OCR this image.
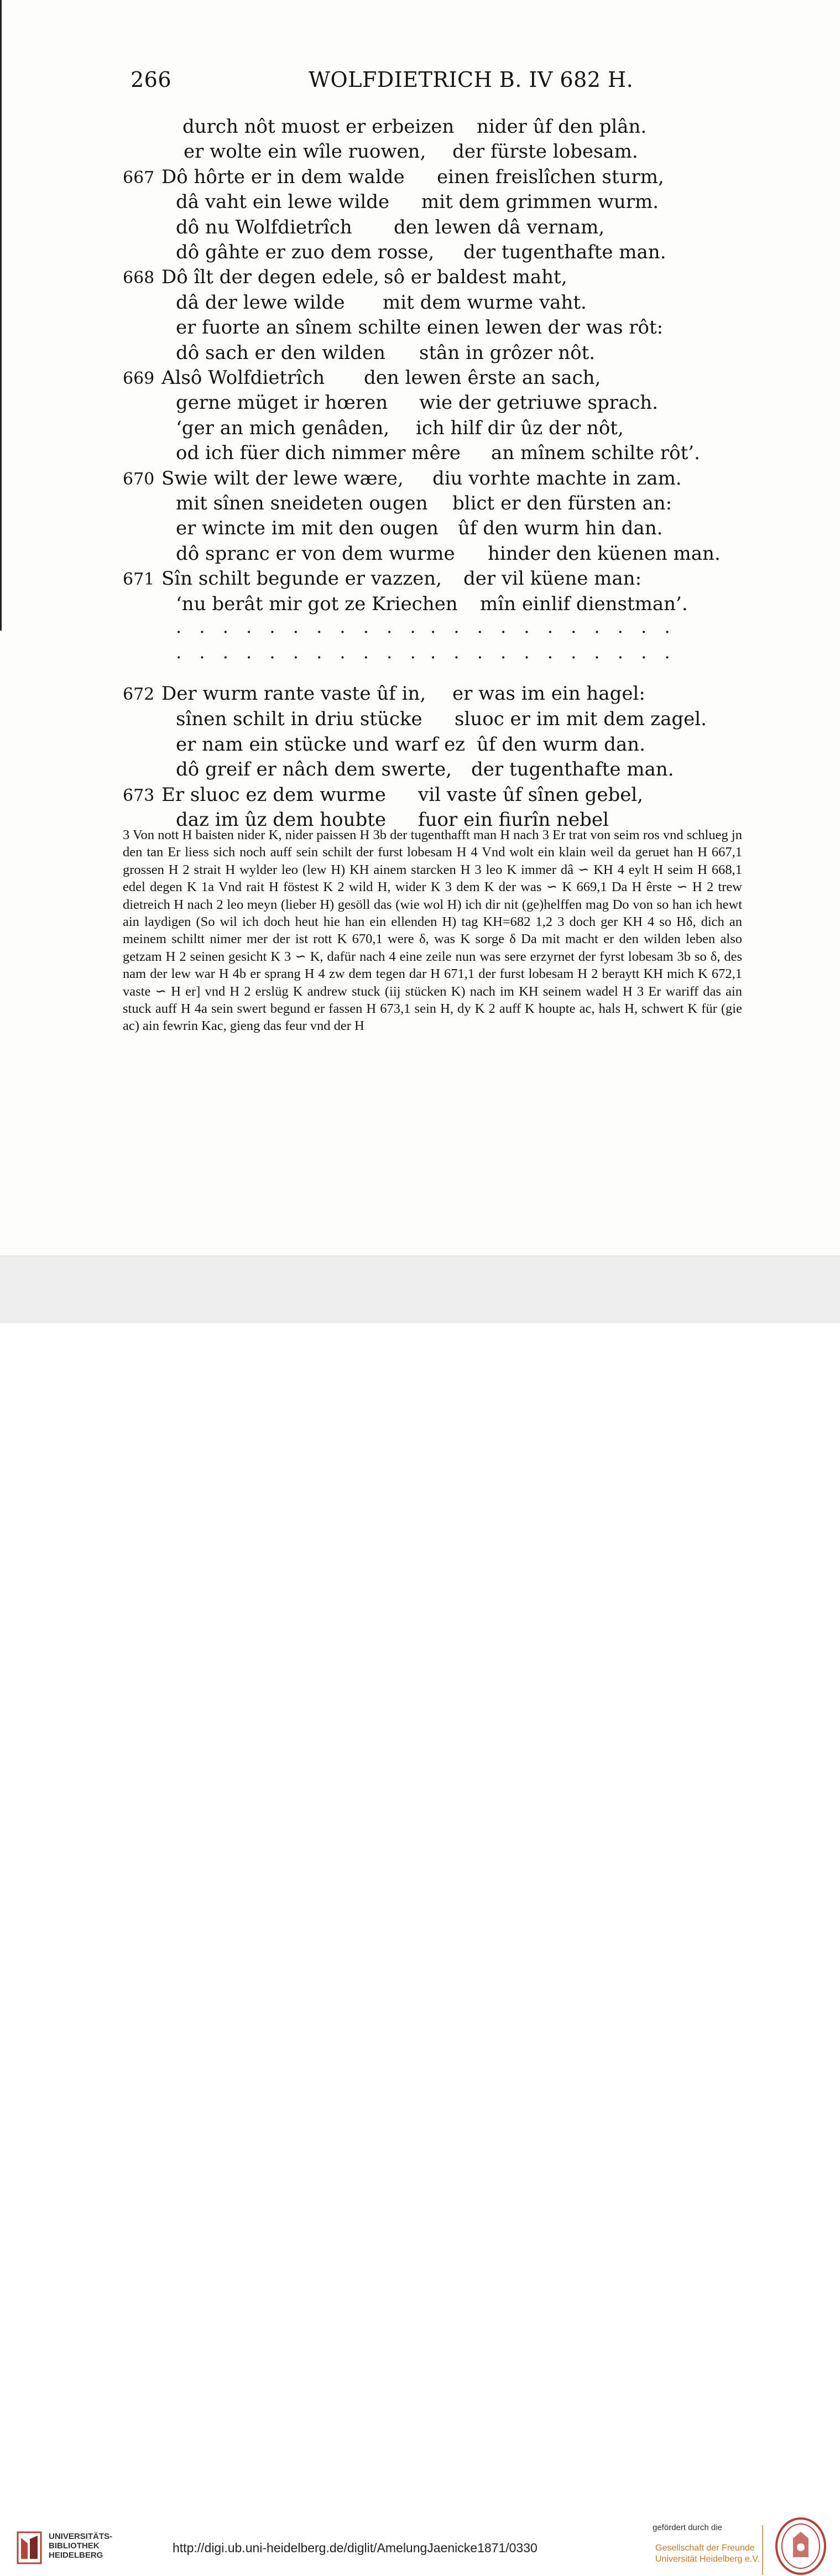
266	WOLFDIETRICH B. IV 682 H.
durch nôt muost er erbeizen nider ûf den plân.
er wolte ein wîle ruowen, der fürste lobesam.
667 Dô hôrte er in dem walde einen freislîchen sturm,
dâ vaht ein lewe wilde mit dem grimmen wurm.
dô nu Wolfdietrîch den lewen dâ vernam,
dô gâhte er zuo dem rosse, der tugenthafte man.
668 Dô îlt der degen edele, sô er baldest maht,
dâ der lewe wilde mit dem wurme vaht.
er fuorte an sînem schilte einen lewen der was rôt:
dô sach er den wilden stân in grôzer nôt.
669 Alsô Wolfdietrîch den lewen êrste an sach,
gerne müget ir hœren wie der getriuwe sprach.
‘ger an mich genâden, ich hilf dir ûz der nôt,
od ich füer dich nimmer mêre an mînem schilte rôt’.
670 Swie wilt der lewe wære, diu vorhte machte in zam.
mit sînen sneideten ougen blict er den fürsten an:
er wincte im mit den ougen ûf den wurm hin dan.
dô spranc er von dem wurme hinder den küenen man.
671 Sîn schilt begunde er vazzen, der vil küene man:
‘nu berât mir got ze Kriechen mîn einlif dienstman’.
. . . . . . . . . . . . . . . . . . . . . .
. . . . . . . . . . . . . . . . . . . . . .
672 Der wurm rante vaste ûf in, er was im ein hagel:
sînen schilt in driu stücke sluoc er im mit dem zagel.
er nam ein stücke und warf ez ûf den wurm dan.
dô greif er nâch dem swerte, der tugenthafte man.
673 Er sluoc ez dem wurme vil vaste ûf sînen gebel,
daz im ûz dem houbte fuor ein fiurîn nebel

3 Von nott H baisten nider K, nider paissen H 3b der tugenthafft man H nach 3 Er trat von seim ros vnd schlueg jn den tan Er liess sich noch auff sein schilt der furst lobesam H 4 Vnd wolt ein klain weil da geruet han H 667,1 grossen H 2 strait H wylder leo (lew H) KH ainem starcken H 3 leo K immer dâ ∽ KH 4 eylt H seim H 668,1 edel degen K 1a Vnd rait H föstest K 2 wild H, wider K 3 dem K der was ∽ K 669,1 Da H êrste ∽ H 2 trew dietreich H nach 2 leo meyn (lieber H) gesöll das (wie wol H) ich dir nit (ge)helffen mag Do von so han ich hewt ain laydigen (So wil ich doch heut hie han ein ellenden H) tag KH=682 1,2 3 doch ger KH 4 so Hδ, dich an meinem schiltt nimer mer der ist rott K 670,1 were δ, was K sorge δ Da mit macht er den wilden leben also getzam H 2 seinen gesicht K 3 ∽ K, dafür nach 4 eine zeile nun was sere erzyrnet der fyrst lobesam 3b so δ, des nam der lew war H 4b er sprang H 4 zw dem tegen dar H 671,1 der furst lobesam H 2 beraytt KH mich K 672,1 vaste ∽ H er] vnd H 2 erslüg K andrew stuck (iij stücken K) nach im KH seinem wadel H 3 Er wariff das ain stuck auff H 4a sein swert begund er fassen H 673,1 sein H, dy K 2 auff K houpte ac, hals H, schwert K für (gie ac) ain fewrin Kac, gieng das feur vnd der H

UNIVERSITÄTS-
BIBLIOTHEK
HEIDELBERG
http://digi.ub.uni-heidelberg.de/diglit/AmelungJaenicke1871/0330
gefördert durch die
Gesellschaft der Freunde
Universität Heidelberg e.V.
